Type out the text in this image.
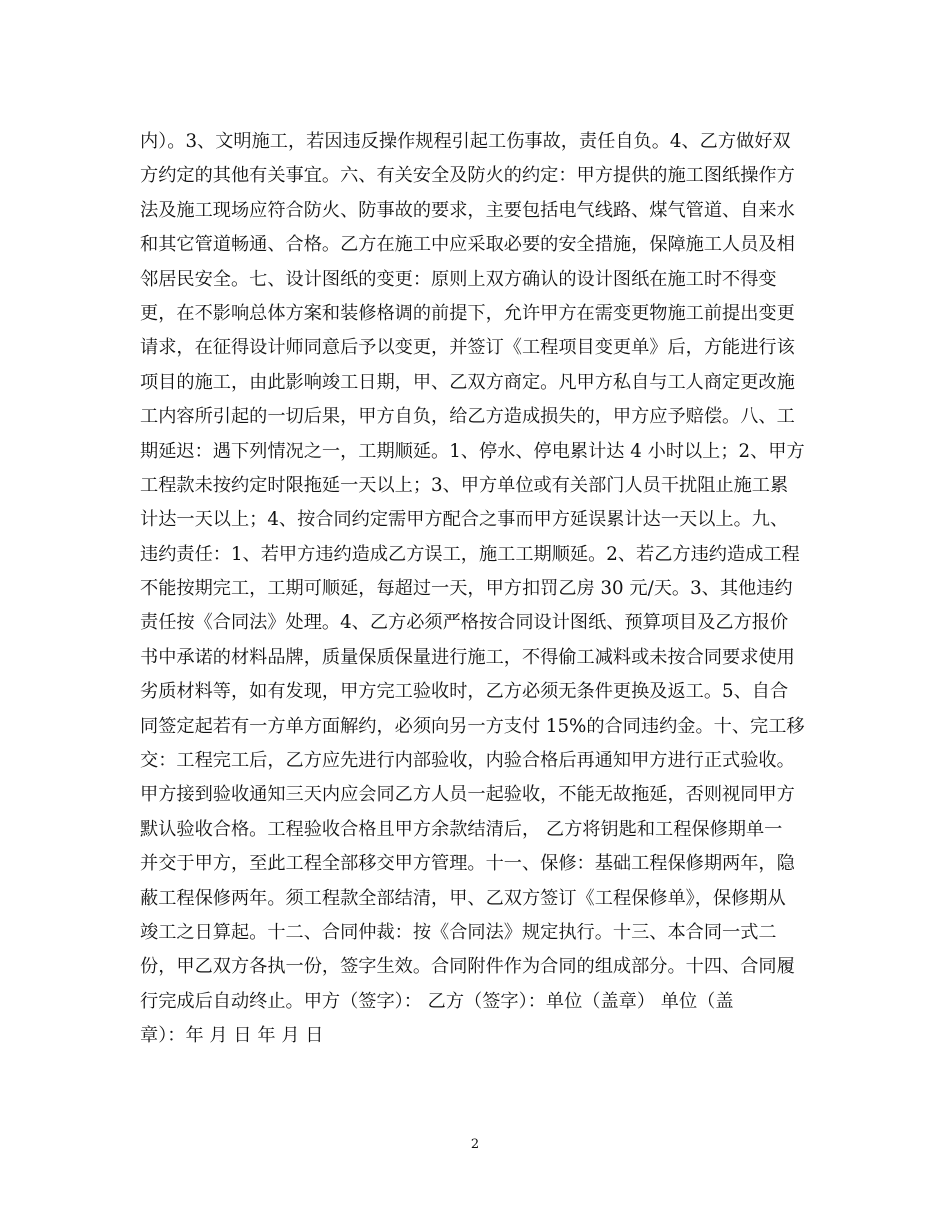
内）。3、文明施工，若因违反操作规程引起工伤事故，责任自负。4、乙方做好双
方约定的其他有关事宜。六、有关安全及防火的约定：甲方提供的施工图纸操作方
法及施工现场应符合防火、防事故的要求，主要包括电气线路、煤气管道、自来水
和其它管道畅通、合格。乙方在施工中应采取必要的安全措施，保障施工人员及相
邻居民安全。七、设计图纸的变更：原则上双方确认的设计图纸在施工时不得变
更，在不影响总体方案和装修格调的前提下，允许甲方在需变更物施工前提出变更
请求，在征得设计师同意后予以变更，并签订《工程项目变更单》后，方能进行该
项目的施工，由此影响竣工日期，甲、乙双方商定。凡甲方私自与工人商定更改施
工内容所引起的一切后果，甲方自负，给乙方造成损失的，甲方应予赔偿。八、工
期延迟：遇下列情况之一，工期顺延。1、停水、停电累计达 4 小时以上；2、甲方
工程款未按约定时限拖延一天以上；3、甲方单位或有关部门人员干扰阻止施工累
计达一天以上；4、按合同约定需甲方配合之事而甲方延误累计达一天以上。九、
违约责任：1、若甲方违约造成乙方误工，施工工期顺延。2、若乙方违约造成工程
不能按期完工，工期可顺延，每超过一天，甲方扣罚乙房 30 元/天。3、其他违约
责任按《合同法》处理。4、乙方必须严格按合同设计图纸、预算项目及乙方报价
书中承诺的材料品牌，质量保质保量进行施工，不得偷工减料或未按合同要求使用
劣质材料等，如有发现，甲方完工验收时，乙方必须无条件更换及返工。5、自合
同签定起若有一方单方面解约，必须向另一方支付 15%的合同违约金。十、完工移
交：工程完工后，乙方应先进行内部验收，内验合格后再通知甲方进行正式验收。
甲方接到验收通知三天内应会同乙方人员一起验收，不能无故拖延，否则视同甲方
默认验收合格。工程验收合格且甲方余款结清后， 乙方将钥匙和工程保修期单一
并交于甲方，至此工程全部移交甲方管理。十一、保修：基础工程保修期两年，隐
蔽工程保修两年。须工程款全部结清，甲、乙双方签订《工程保修单》，保修期从
竣工之日算起。十二、合同仲裁：按《合同法》规定执行。十三、本合同一式二
份，甲乙双方各执一份，签字生效。合同附件作为合同的组成部分。十四、合同履
行完成后自动终止。甲方（签字）： 乙方（签字）：单位（盖章） 单位（盖
章）：年 月 日 年 月 日
2
